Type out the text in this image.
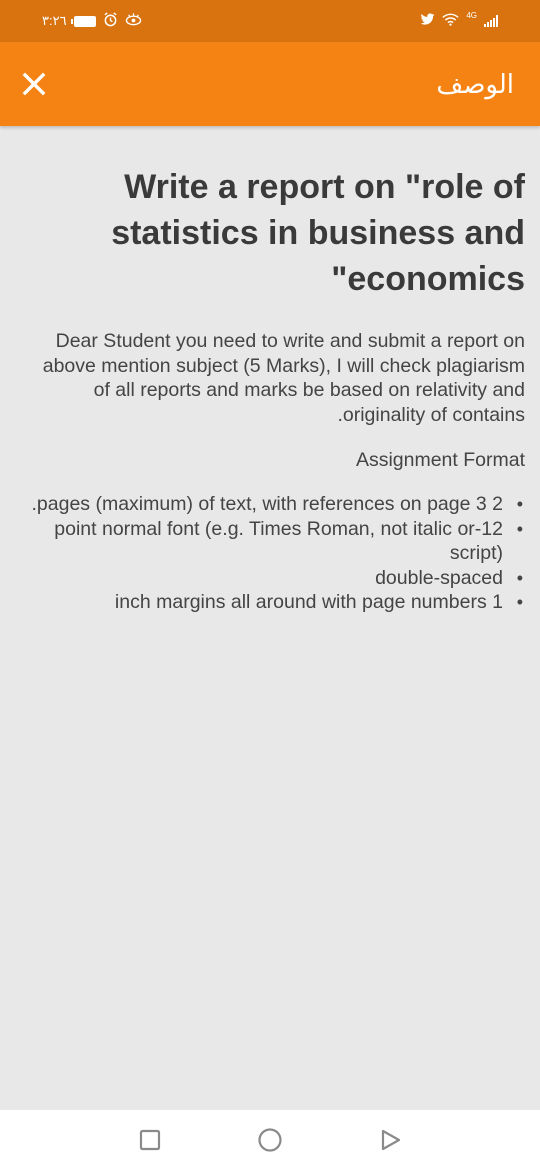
٣:٢٦	4G
الوصف
Write a report on "role of statistics in business and economics"

Dear Student you need to write and submit a report on above mention subject (5 Marks), I will check plagiarism of all reports and marks be based on relativity and originality of contains.

Assignment Format

•
2 pages (maximum) of text, with references on page 3.
•
12-point normal font (e.g. Times Roman, not italic or script)
•
double-spaced
•
1 inch margins all around with page numbers
